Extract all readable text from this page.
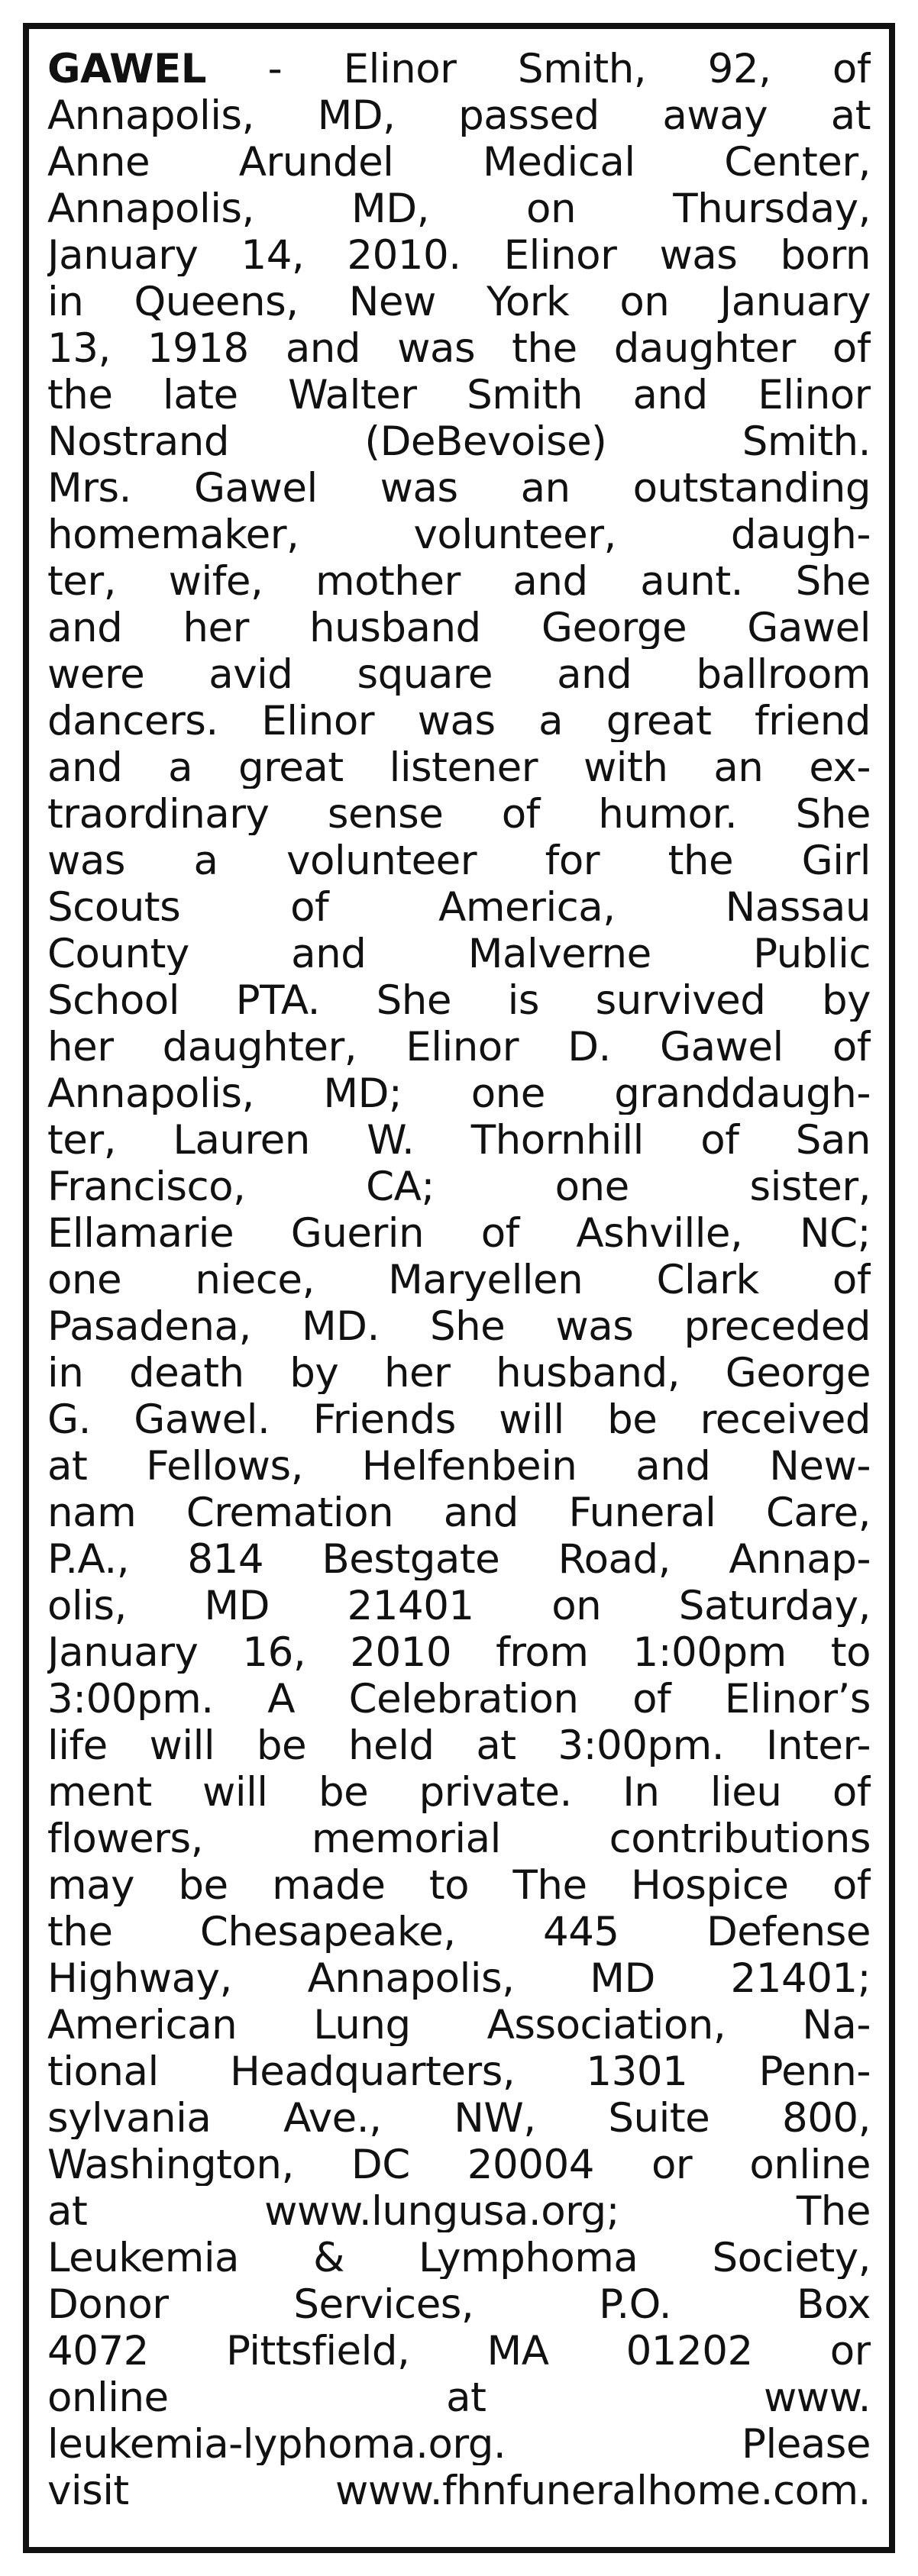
GAWEL - Elinor Smith, 92, of
Annapolis, MD, passed away at
Anne Arundel Medical Center,
Annapolis, MD, on Thursday,
January 14, 2010. Elinor was born
in Queens, New York on January
13, 1918 and was the daughter of
the late Walter Smith and Elinor
Nostrand (DeBevoise) Smith.
Mrs. Gawel was an outstanding
homemaker, volunteer, daugh-
ter, wife, mother and aunt. She
and her husband George Gawel
were avid square and ballroom
dancers. Elinor was a great friend
and a great listener with an ex-
traordinary sense of humor. She
was a volunteer for the Girl
Scouts of America, Nassau
County and Malverne Public
School PTA. She is survived by
her daughter, Elinor D. Gawel of
Annapolis, MD; one granddaugh-
ter, Lauren W. Thornhill of San
Francisco, CA; one sister,
Ellamarie Guerin of Ashville, NC;
one niece, Maryellen Clark of
Pasadena, MD. She was preceded
in death by her husband, George
G. Gawel. Friends will be received
at Fellows, Helfenbein and New-
nam Cremation and Funeral Care,
P.A., 814 Bestgate Road, Annap-
olis, MD 21401 on Saturday,
January 16, 2010 from 1:00pm to
3:00pm. A Celebration of Elinor’s
life will be held at 3:00pm. Inter-
ment will be private. In lieu of
flowers, memorial contributions
may be made to The Hospice of
the Chesapeake, 445 Defense
Highway, Annapolis, MD 21401;
American Lung Association, Na-
tional Headquarters, 1301 Penn-
sylvania Ave., NW, Suite 800,
Washington, DC 20004 or online
at www.lungusa.org; The
Leukemia & Lymphoma Society,
Donor Services, P.O. Box
4072 Pittsfield, MA 01202 or
online at www.
leukemia-lyphoma.org. Please
visit www.fhnfuneralhome.com.
